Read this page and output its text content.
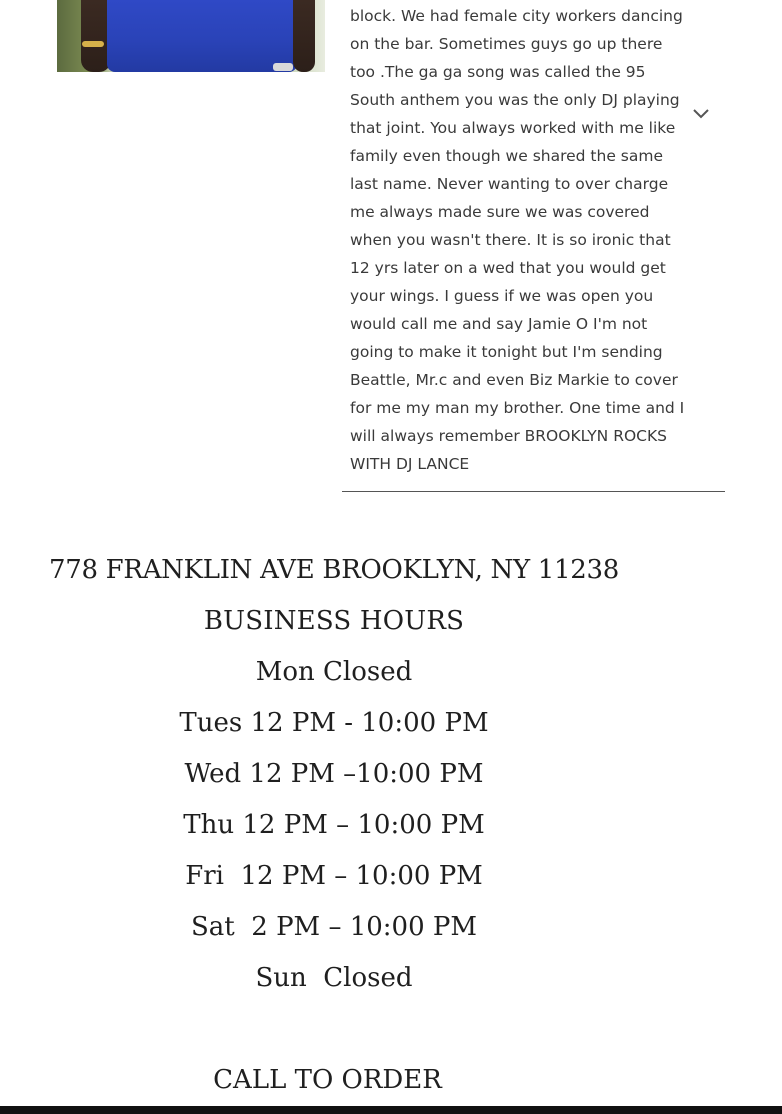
block. We had female city workers dancing
on the bar. Sometimes guys go up there
too .The ga ga song was called the 95
South anthem you was the only DJ playing
that joint. You always worked with me like
family even though we shared the same
last name. Never wanting to over charge
me always made sure we was covered
when you wasn't there. It is so ironic that
12 yrs later on a wed that you would get
your wings. I guess if we was open you
would call me and say Jamie O I'm not
going to make it tonight but I'm sending
Beattle, Mr.c and even Biz Markie to cover
for me my man my brother. One time and I
will always remember BROOKLYN ROCKS
WITH DJ LANCE
778 FRANKLIN AVE BROOKLYN, NY 11238
BUSINESS HOURS
Mon Closed
Tues 12 PM - 10:00 PM
Wed 12 PM –10:00 PM
Thu 12 PM – 10:00 PM
Fri  12 PM – 10:00 PM
Sat  2 PM – 10:00 PM
Sun  Closed
CALL TO ORDER
